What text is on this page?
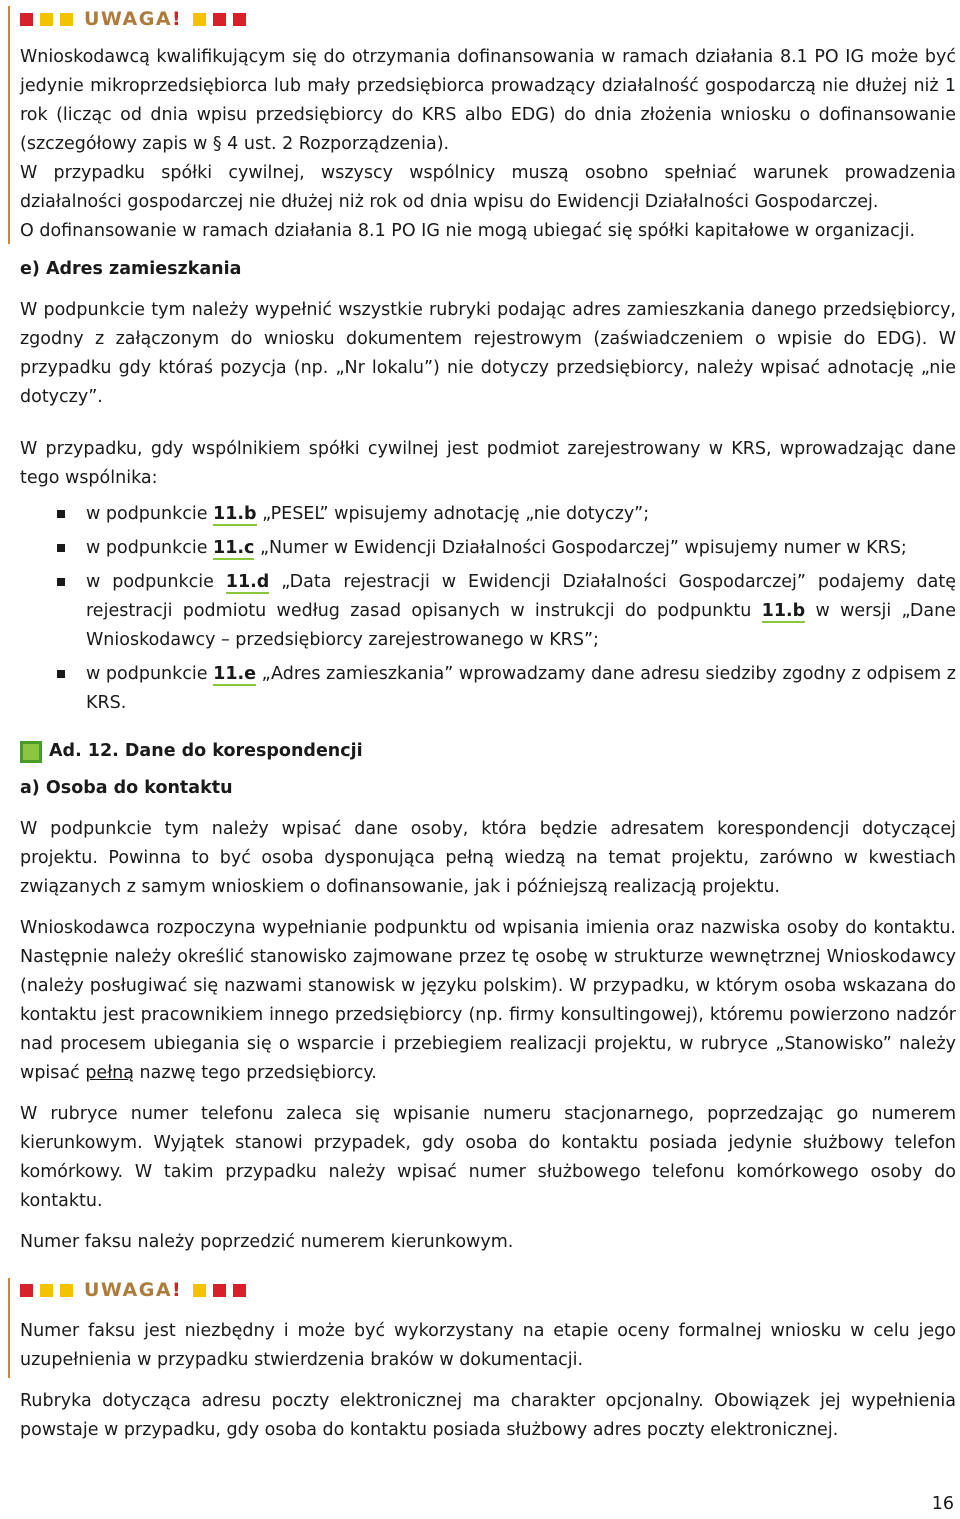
UWAGA!

Wnioskodawcą kwalifikującym się do otrzymania dofinansowania w ramach działania 8.1 PO IG może być jedynie mikroprzedsiębiorca lub mały przedsiębiorca prowadzący działalność gospodarczą nie dłużej niż 1 rok (licząc od dnia wpisu przedsiębiorcy do KRS albo EDG) do dnia złożenia wniosku o dofinansowanie (szczegółowy zapis w § 4 ust. 2 Rozporządzenia).

W przypadku spółki cywilnej, wszyscy wspólnicy muszą osobno spełniać warunek prowadzenia działalności gospodarczej nie dłużej niż rok od dnia wpisu do Ewidencji Działalności Gospodarczej.

O dofinansowanie w ramach działania 8.1 PO IG nie mogą ubiegać się spółki kapitałowe w organizacji.

e) Adres zamieszkania

W podpunkcie tym należy wypełnić wszystkie rubryki podając adres zamieszkania danego przedsiębiorcy, zgodny z załączonym do wniosku dokumentem rejestrowym (zaświadczeniem o wpisie do EDG). W przypadku gdy któraś pozycja (np. „Nr lokalu”) nie dotyczy przedsiębiorcy, należy wpisać adnotację „nie dotyczy”.

W przypadku, gdy wspólnikiem spółki cywilnej jest podmiot zarejestrowany w KRS, wprowadzając dane tego wspólnika:

w podpunkcie 11.b „PESEL” wpisujemy adnotację „nie dotyczy”;
w podpunkcie 11.c „Numer w Ewidencji Działalności Gospodarczej” wpisujemy numer w KRS;
w podpunkcie 11.d „Data rejestracji w Ewidencji Działalności Gospodarczej” podajemy datę rejestracji podmiotu według zasad opisanych w instrukcji do podpunktu 11.b w wersji „Dane Wnioskodawcy – przedsiębiorcy zarejestrowanego w KRS”;
w podpunkcie 11.e „Adres zamieszkania” wprowadzamy dane adresu siedziby zgodny z odpisem z KRS.
Ad. 12. Dane do korespondencji
a) Osoba do kontaktu

W podpunkcie tym należy wpisać dane osoby, która będzie adresatem korespondencji dotyczącej projektu. Powinna to być osoba dysponująca pełną wiedzą na temat projektu, zarówno w kwestiach związanych z samym wnioskiem o dofinansowanie, jak i późniejszą realizacją projektu.

Wnioskodawca rozpoczyna wypełnianie podpunktu od wpisania imienia oraz nazwiska osoby do kontaktu. Następnie należy określić stanowisko zajmowane przez tę osobę w strukturze wewnętrznej Wnioskodawcy (należy posługiwać się nazwami stanowisk w języku polskim). W przypadku, w którym osoba wskazana do kontaktu jest pracownikiem innego przedsiębiorcy (np. firmy konsultingowej), któremu powierzono nadzór nad procesem ubiegania się o wsparcie i przebiegiem realizacji projektu, w rubryce „Stanowisko” należy wpisać pełną nazwę tego przedsiębiorcy.

W rubryce numer telefonu zaleca się wpisanie numeru stacjonarnego, poprzedzając go numerem kierunkowym. Wyjątek stanowi przypadek, gdy osoba do kontaktu posiada jedynie służbowy telefon komórkowy. W takim przypadku należy wpisać numer służbowego telefonu komórkowego osoby do kontaktu.

Numer faksu należy poprzedzić numerem kierunkowym.

UWAGA!

Numer faksu jest niezbędny i może być wykorzystany na etapie oceny formalnej wniosku w celu jego uzupełnienia w przypadku stwierdzenia braków w dokumentacji.

Rubryka dotycząca adresu poczty elektronicznej ma charakter opcjonalny. Obowiązek jej wypełnienia powstaje w przypadku, gdy osoba do kontaktu posiada służbowy adres poczty elektronicznej.

16
